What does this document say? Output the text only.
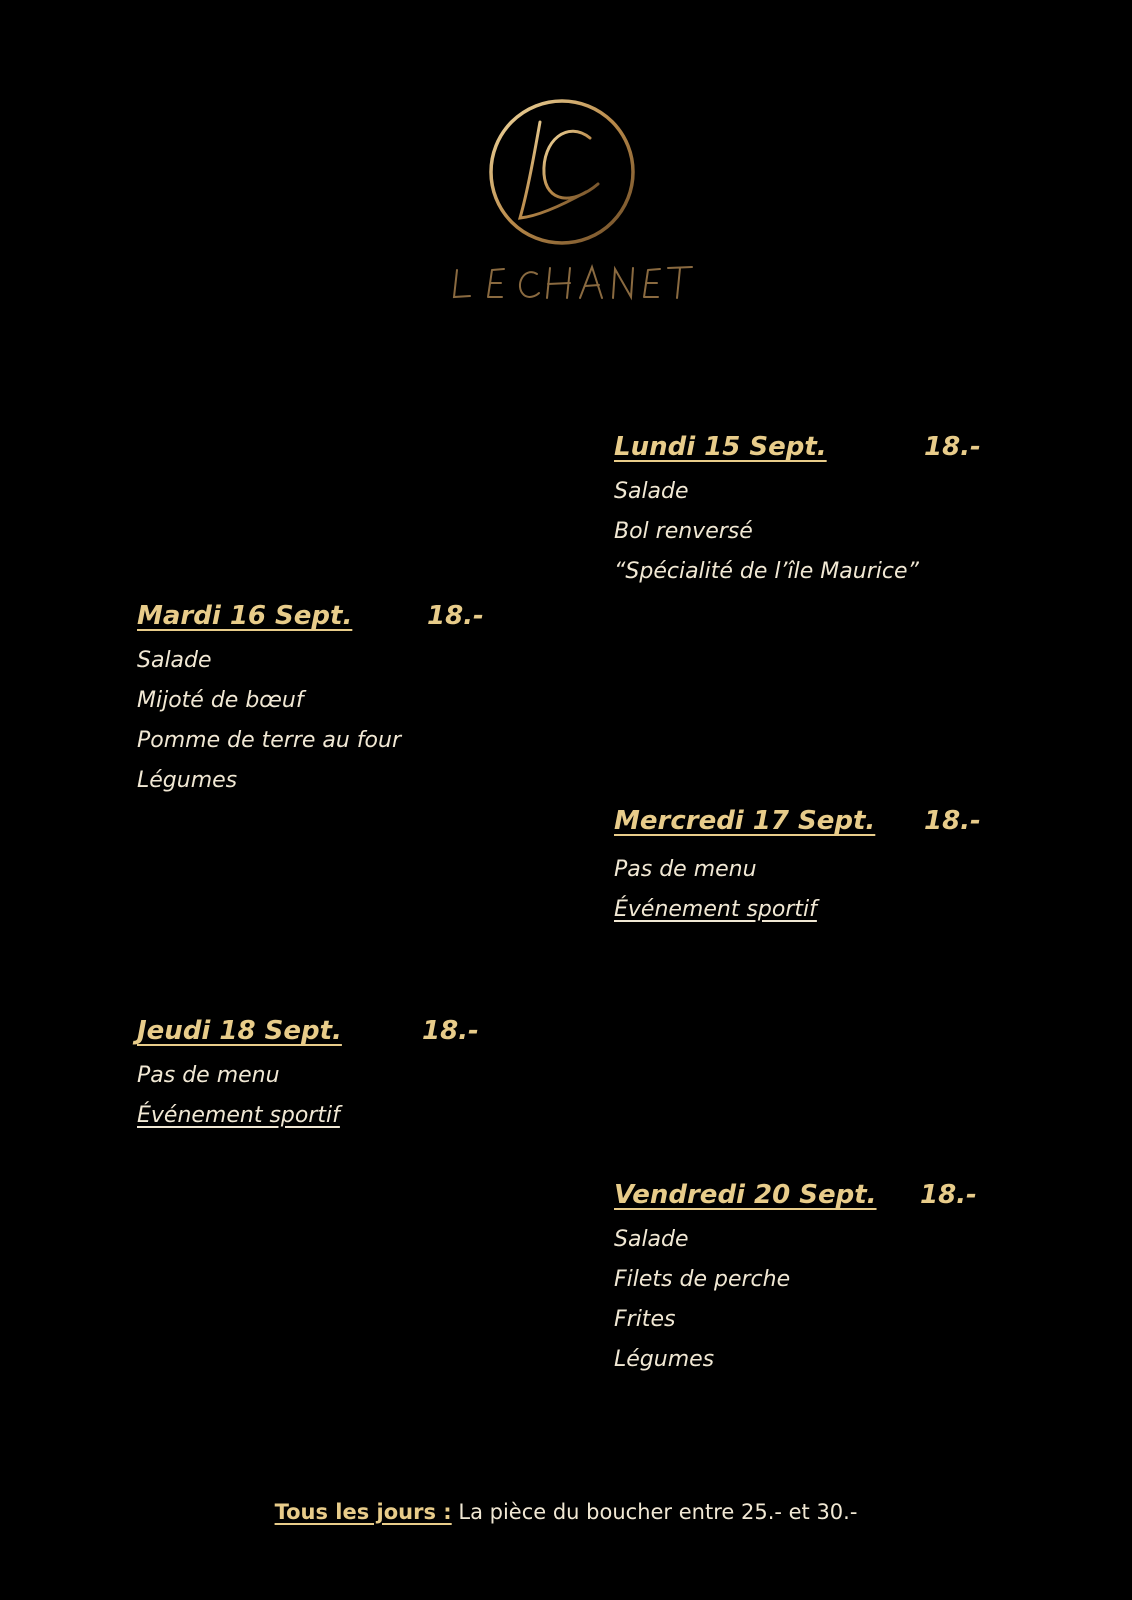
Lundi 15 Sept.	18.-
Salade
Bol renversé
“Spécialité de l’île Maurice”
Mardi 16 Sept.	18.-
Salade
Mijoté de bœuf
Pomme de terre au four
Légumes
Mercredi 17 Sept. 18.-
Pas de menu
Événement sportif
Jeudi 18 Sept.	18.-
Pas de menu
Événement sportif
Vendredi 20 Sept. 18.-
Salade
Filets de perche
Frites
Légumes
Tous les jours : La pièce du boucher entre 25.- et 30.-
